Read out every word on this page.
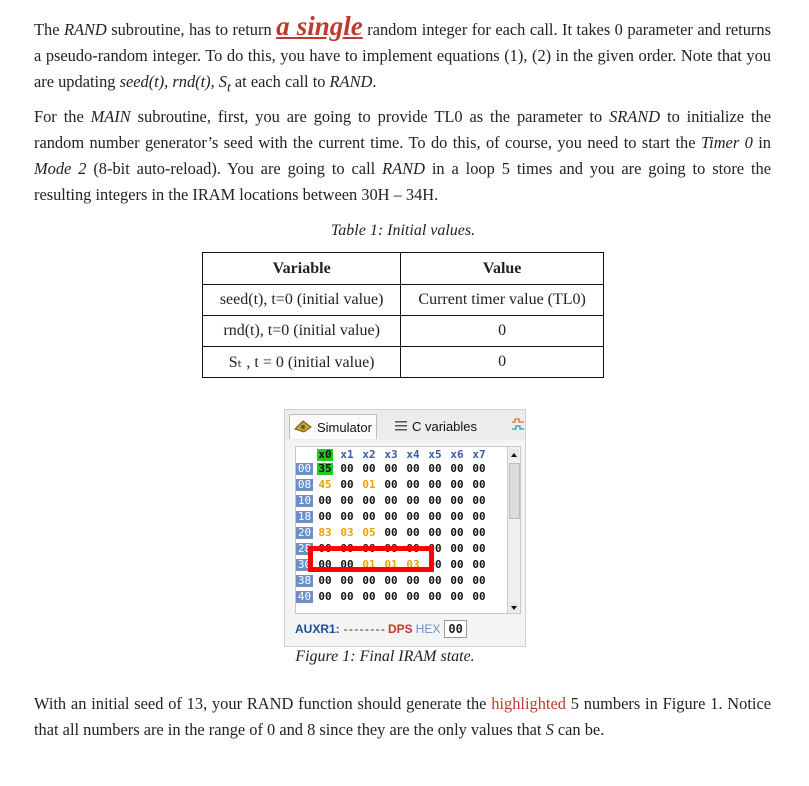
The RAND subroutine, has to return a single random integer for each call. It takes 0 parameter and returns a pseudo-random integer. To do this, you have to implement equations (1), (2) in the given order. Note that you are updating seed(t), rnd(t), $S_t$ at each call to RAND.

For the MAIN subroutine, first, you are going to provide TL0 as the parameter to SRAND to initialize the random number generator’s seed with the current time. To do this, of course, you need to start the Timer 0 in Mode 2 (8-bit auto-reload). You are going to call RAND in a loop 5 times and you are going to store the resulting integers in the IRAM locations between 30H – 34H.

Table 1: Initial values.
Variable	Value
seed(t), t=0 (initial value)	Current timer value (TL0)
rnd(t), t=0 (initial value)	0
Sₜ , t = 0 (initial value)	0
Simulator	C variables
x0 x1 x2 x3 x4 x5 x6 x7
00 35 00 00 00 00 00 00 00
08 45 00 01 00 00 00 00 00
10 00 00 00 00 00 00 00 00
18 00 00 00 00 00 00 00 00
20 83 03 05 00 00 00 00 00
28 00 00 00 00 00 00 00 00
30 00 00 01 01 03 00 00 00
38 00 00 00 00 00 00 00 00
40 00 00 00 00 00 00 00 00
AUXR1: - - - - - - - - DPS HEX 00
Figure 1: Final IRAM state.

With an initial seed of 13, your RAND function should generate the highlighted 5 numbers in Figure 1. Notice that all numbers are in the range of 0 and 8 since they are the only values that S can be.
